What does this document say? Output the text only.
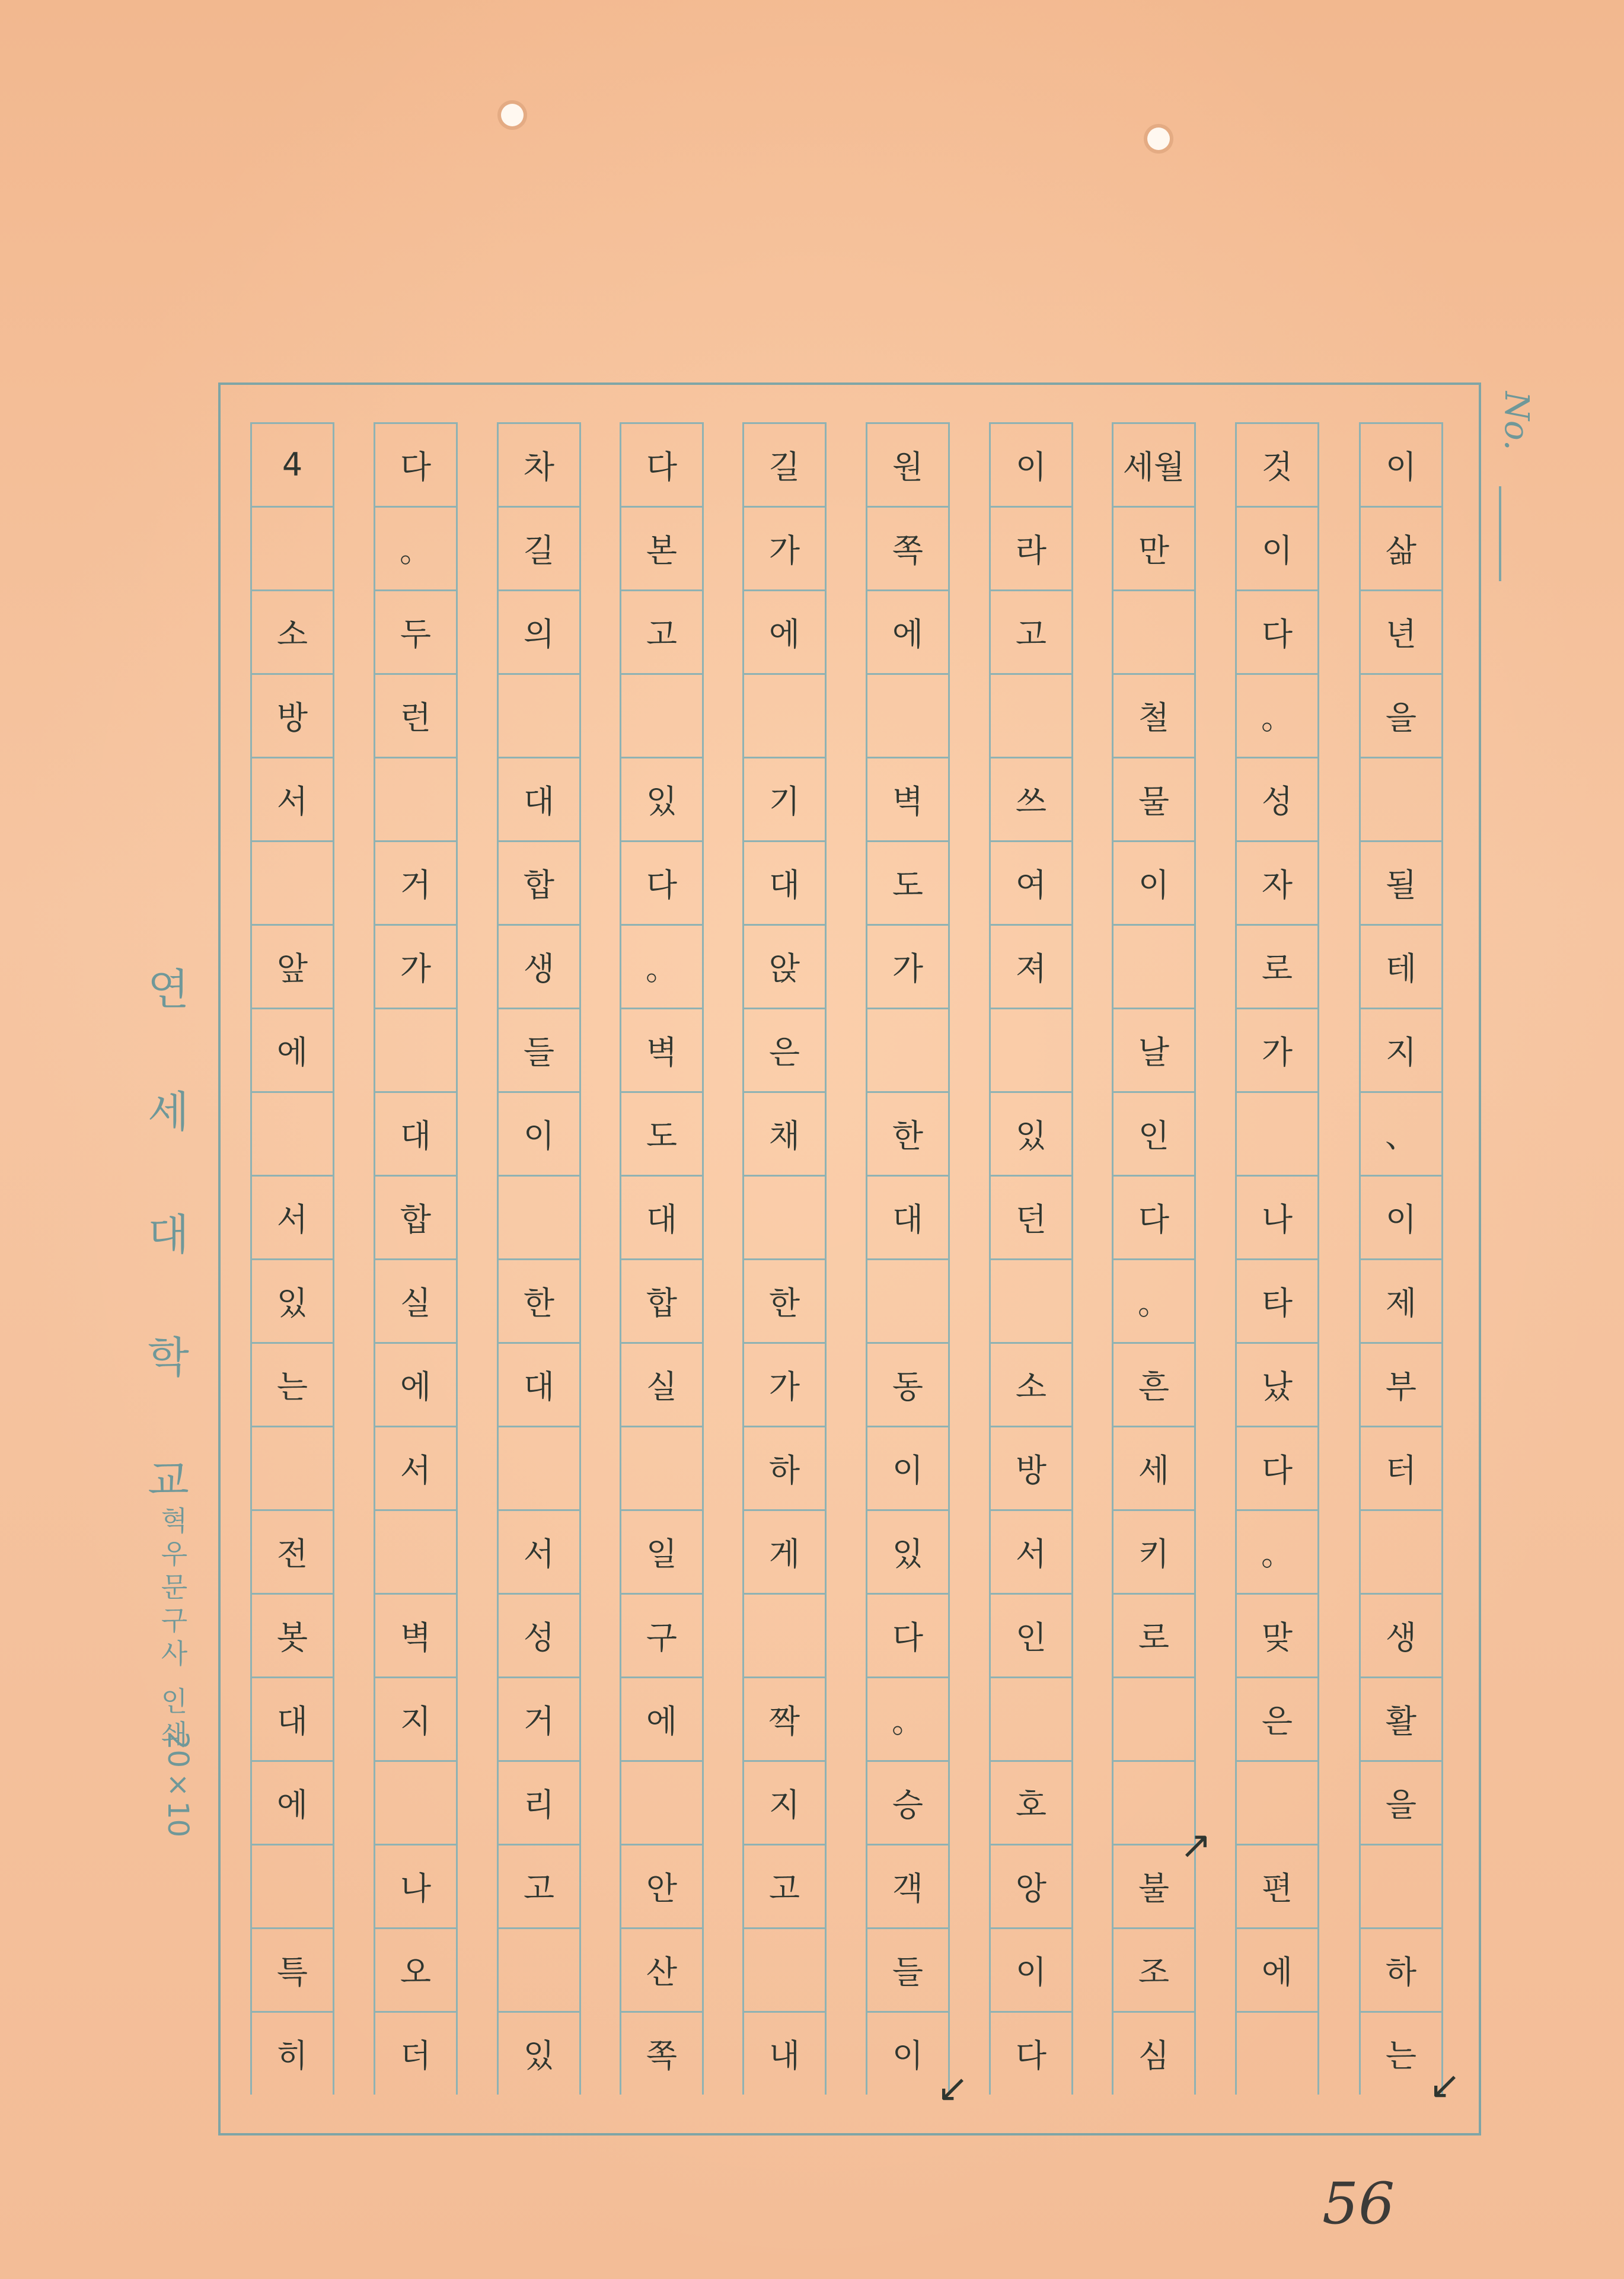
No.
이
삶
년
을
될
테
지
、
이
제
부
터
생
활
을
하
는
것
이
다
。
성
자
로
가
나
타
났
다
。
맞
은
편
에
세월
만
철
물
이
날
인
다
。
흔
세
키
로
불
조
심
이
라
고
쓰
여
져
있
던
소
방
서
인
호
앙
이
다
원
쪽
에
벽
도
가
한
대
동
이
있
다
。
승
객
들
이
길
가
에
기
대
앉
은
채
한
가
하
게
짝
지
고
내
다
본
고
있
다
。
벽
도
대
합
실
일
구
에
안
산
쪽
차
길
의
대
합
생
들
이
한
대
서
성
거
리
고
있
다
。
두
런
거
가
대
합
실
에
서
벽
지
나
오
더
4
소
방
서
앞
에
서
있
는
전
봇
대
에
특
히
연 세 대 학 교
혁우문구사 인쇄
20×10
56
↙
↙
↗
